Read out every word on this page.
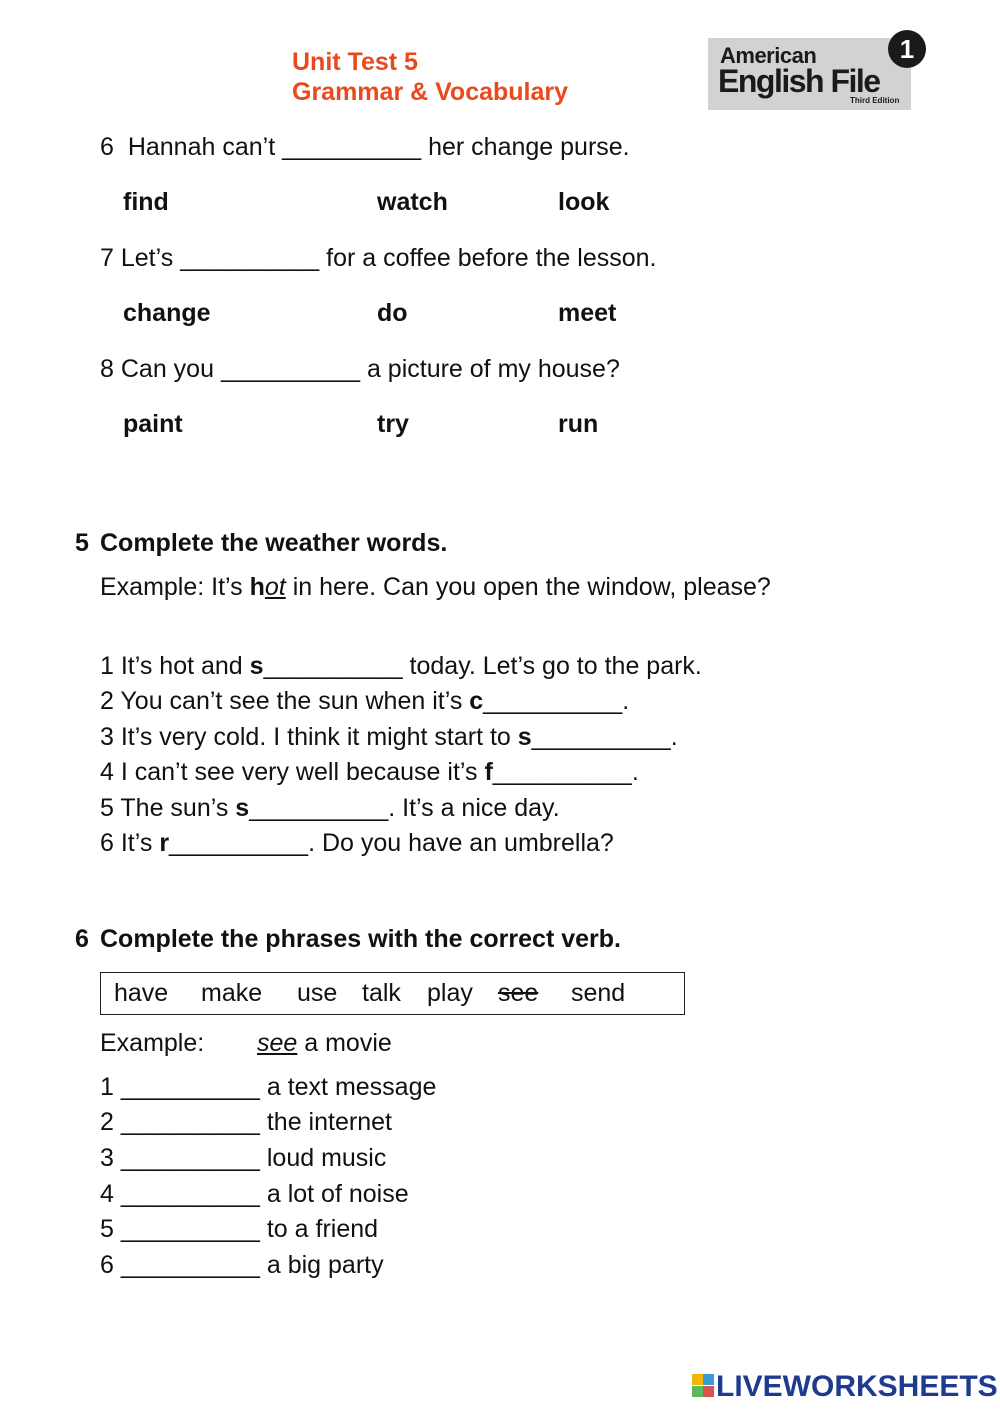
Unit Test 5
Grammar & Vocabulary
American
English File
Third Edition
1
6 Hannah can’t __________ her change purse.
find	watch	look
7 Let’s __________ for a coffee before the lesson.
change	do	meet
8 Can you __________ a picture of my house?
paint	try	run
5 Complete the weather words.
Example: It’s hot in here. Can you open the window, please?
1 It’s hot and s__________ today. Let’s go to the park.
2 You can’t see the sun when it’s c__________.
3 It’s very cold. I think it might start to s__________.
4 I can’t see very well because it’s f__________.
5 The sun’s s__________. It’s a nice day.
6 It’s r__________. Do you have an umbrella?
6 Complete the phrases with the correct verb.
have make use talk play see send
Example: see a movie
1 __________ a text message
2 __________ the internet
3 __________ loud music
4 __________ a lot of noise
5 __________ to a friend
6 __________ a big party
LIVEWORKSHEETS
